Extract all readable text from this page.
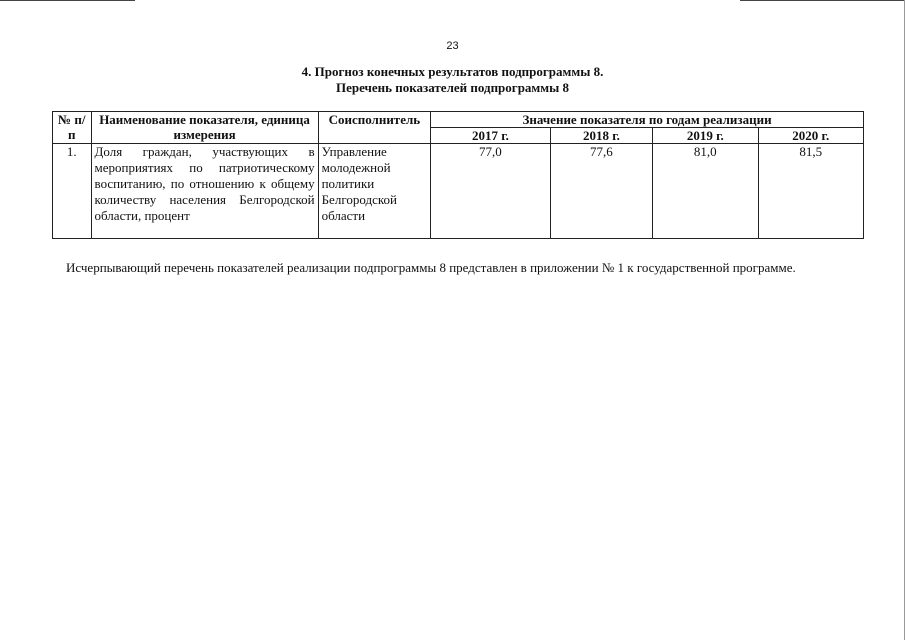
23
4. Прогноз конечных результатов подпрограммы 8.
Перечень показателей подпрограммы 8
№ п/п	Наименование показателя, единица измерения	Соисполнитель	Значение показателя по годам реализации			
			2017 г.	2018 г.	2019 г.	2020 г.
1.	Доля граждан, участвующих в мероприятиях по патриотическому воспитанию, по отношению к общему количеству населения Белгородской области, процент	Управление молодежной политики Белгородской области	77,0	77,6	81,0	81,5
Исчерпывающий перечень показателей реализации подпрограммы 8 представлен в приложении № 1 к государственной программе.
